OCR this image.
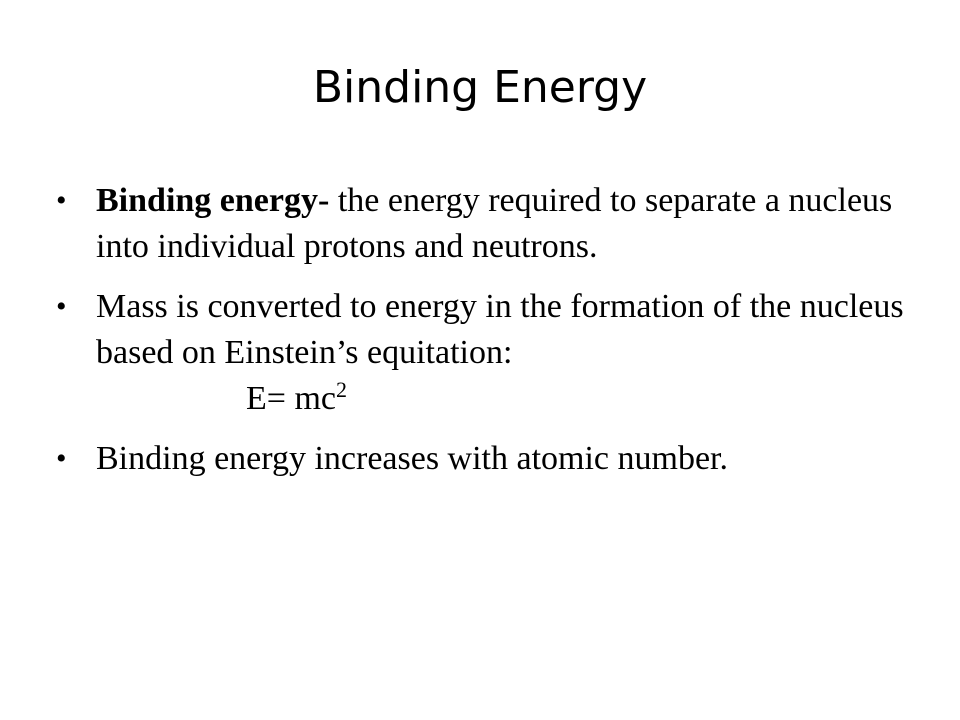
Binding Energy
• Binding energy- the energy required to separate a nucleus into individual protons and neutrons.
• Mass is converted to energy in the formation of the nucleus based on Einstein’s equitation:
$E= mc^2$
• Binding energy increases with atomic number.
